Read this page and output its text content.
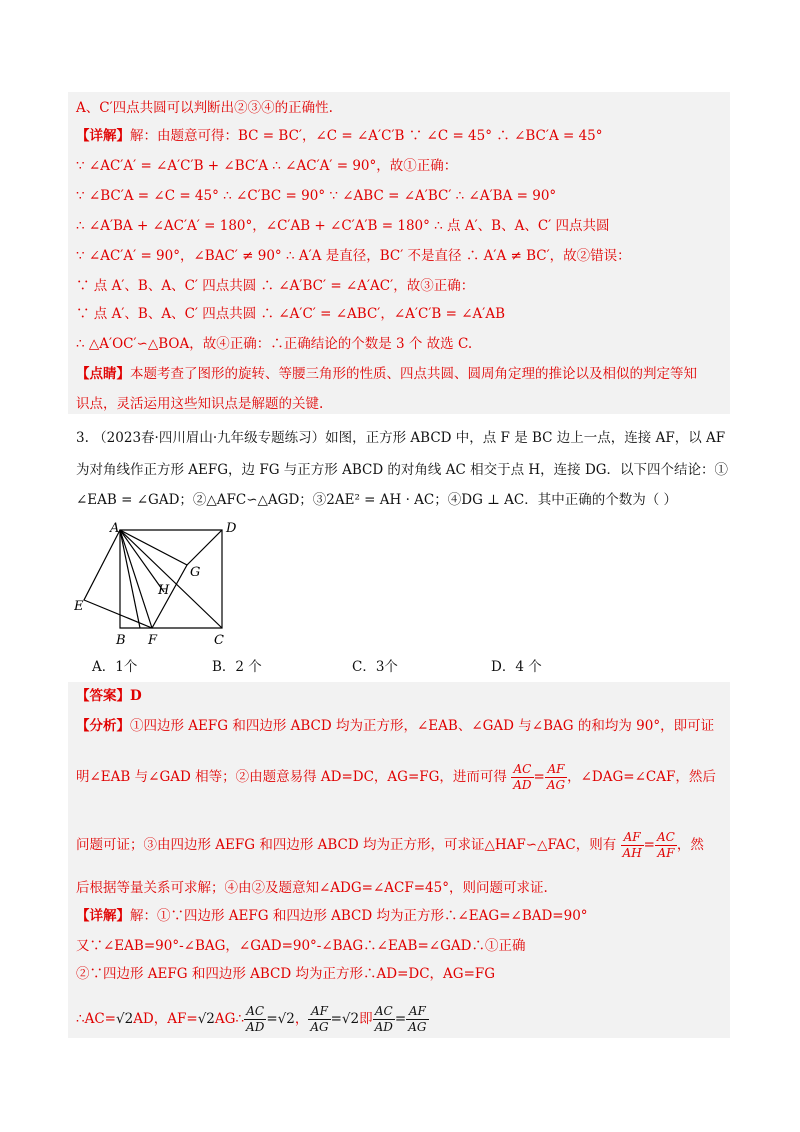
A、C′四点共圆可以判断出②③④的正确性.
【详解】解：由题意可得：BC = BC′，∠C = ∠A′C′B ∵ ∠C = 45° ∴ ∠BC′A = 45°
∵ ∠AC′A′ = ∠A′C′B + ∠BC′A ∴ ∠AC′A′ = 90°，故①正确：
∵ ∠BC′A = ∠C = 45° ∴ ∠C′BC = 90° ∵ ∠ABC = ∠A′BC′ ∴ ∠A′BA = 90°
∴ ∠A′BA + ∠AC′A′ = 180°，∠C′AB + ∠C′A′B = 180° ∴ 点 A′、B、A、C′ 四点共圆
∵ ∠AC′A′ = 90°，∠BAC′ ≠ 90° ∴ A′A 是直径，BC′ 不是直径 ∴ A′A ≠ BC′，故②错误：
∵ 点 A′、B、A、C′ 四点共圆 ∴ ∠A′BC′ = ∠A′AC′，故③正确：
∵ 点 A′、B、A、C′ 四点共圆 ∴ ∠A′C′ = ∠ABC′，∠A′C′B = ∠A′AB
∴ △A′OC′∽△BOA，故④正确：∴正确结论的个数是 3 个 故选 C.
【点睛】本题考查了图形的旋转、等腰三角形的性质、四点共圆、圆周角定理的推论以及相似的判定等知
识点，灵活运用这些知识点是解题的关键.
3. （2023春·四川眉山·九年级专题练习）如图，正方形 ABCD 中，点 F 是 BC 边上一点，连接 AF，以 AF
为对角线作正方形 AEFG，边 FG 与正方形 ABCD 的对角线 AC 相交于点 H，连接 DG．以下四个结论：①
∠EAB = ∠GAD；②△AFC∽△AGD；③2AE² = AH · AC；④DG ⊥ AC．其中正确的个数为（ ）
A	D
G
H
E
B F	C
A．1个	B．2 个	C．3个	D．4 个
【答案】D
【分析】①四边形 AEFG 和四边形 ABCD 均为正方形，∠EAB、∠GAD 与∠BAG 的和均为 90°，即可证
明∠EAB 与∠GAD 相等；②由题意易得 AD=DC，AG=FG，进而可得 $\frac{AC}{AD} = \frac{AF}{AG}$ ，∠DAG=∠CAF，然后
问题可证；③由四边形 AEFG 和四边形 ABCD 均为正方形，可求证△HAF∽△FAC，则有 $\frac{AF}{AH} = \frac{AC}{AF}$ ，然
后根据等量关系可求解；④由②及题意知∠ADG=∠ACF=45°，则问题可求证.
【详解】解：①∵四边形 AEFG 和四边形 ABCD 均为正方形∴∠EAG=∠BAD=90°
又∵∠EAB=90°-∠BAG，∠GAD=90°-∠BAG∴∠EAB=∠GAD∴①正确
②∵四边形 AEFG 和四边形 ABCD 均为正方形∴AD=DC，AG=FG
∴AC=√2AD，AF=√2AG∴ $\frac{AC}{AD} =√2$， $\frac{AF}{AG} =√2$即 $\frac{AC}{AD} = \frac{AF}{AG}$
